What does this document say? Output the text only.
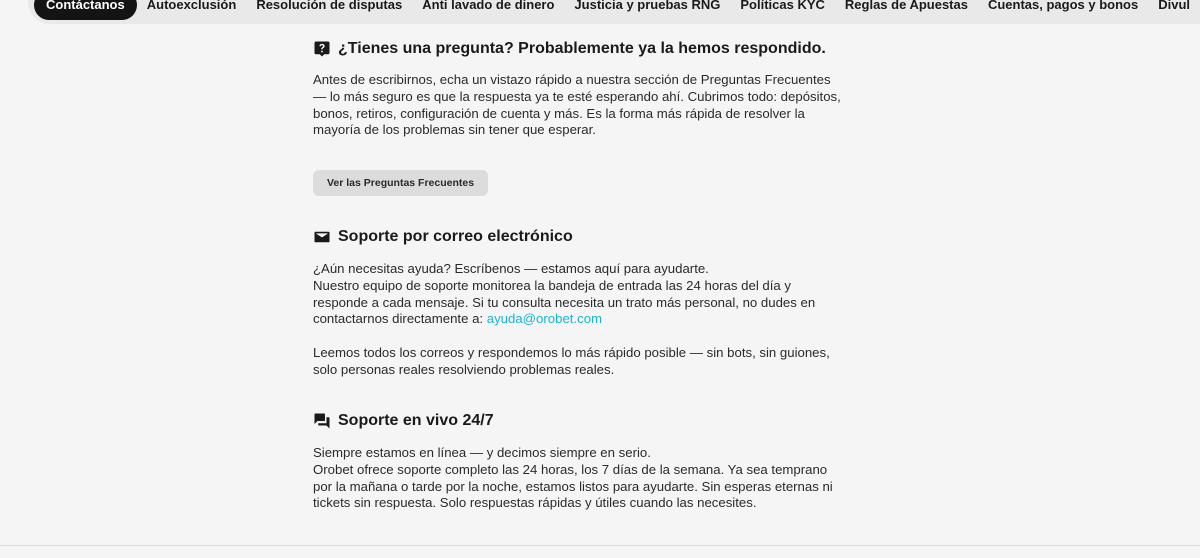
Contáctanos	Autoexclusión	Resolución de disputas	Anti lavado de dinero	Justicia y pruebas RNG	Políticas KYC	Reglas de Apuestas	Cuentas, pagos y bonos	Divul
¿Tienes una pregunta? Probablemente ya la hemos respondido.

Antes de escribirnos, echa un vistazo rápido a nuestra sección de Preguntas Frecuentes
— lo más seguro es que la respuesta ya te esté esperando ahí. Cubrimos todo: depósitos,
bonos, retiros, configuración de cuenta y más. Es la forma más rápida de resolver la
mayoría de los problemas sin tener que esperar.

Ver las Preguntas Frecuentes
Soporte por correo electrónico

¿Aún necesitas ayuda? Escríbenos — estamos aquí para ayudarte.
Nuestro equipo de soporte monitorea la bandeja de entrada las 24 horas del día y
responde a cada mensaje. Si tu consulta necesita un trato más personal, no dudes en
contactarnos directamente a: ayuda@orobet.com

Leemos todos los correos y respondemos lo más rápido posible — sin bots, sin guiones,
solo personas reales resolviendo problemas reales.

Soporte en vivo 24/7

Siempre estamos en línea — y decimos siempre en serio.
Orobet ofrece soporte completo las 24 horas, los 7 días de la semana. Ya sea temprano
por la mañana o tarde por la noche, estamos listos para ayudarte. Sin esperas eternas ni
tickets sin respuesta. Solo respuestas rápidas y útiles cuando las necesites.
